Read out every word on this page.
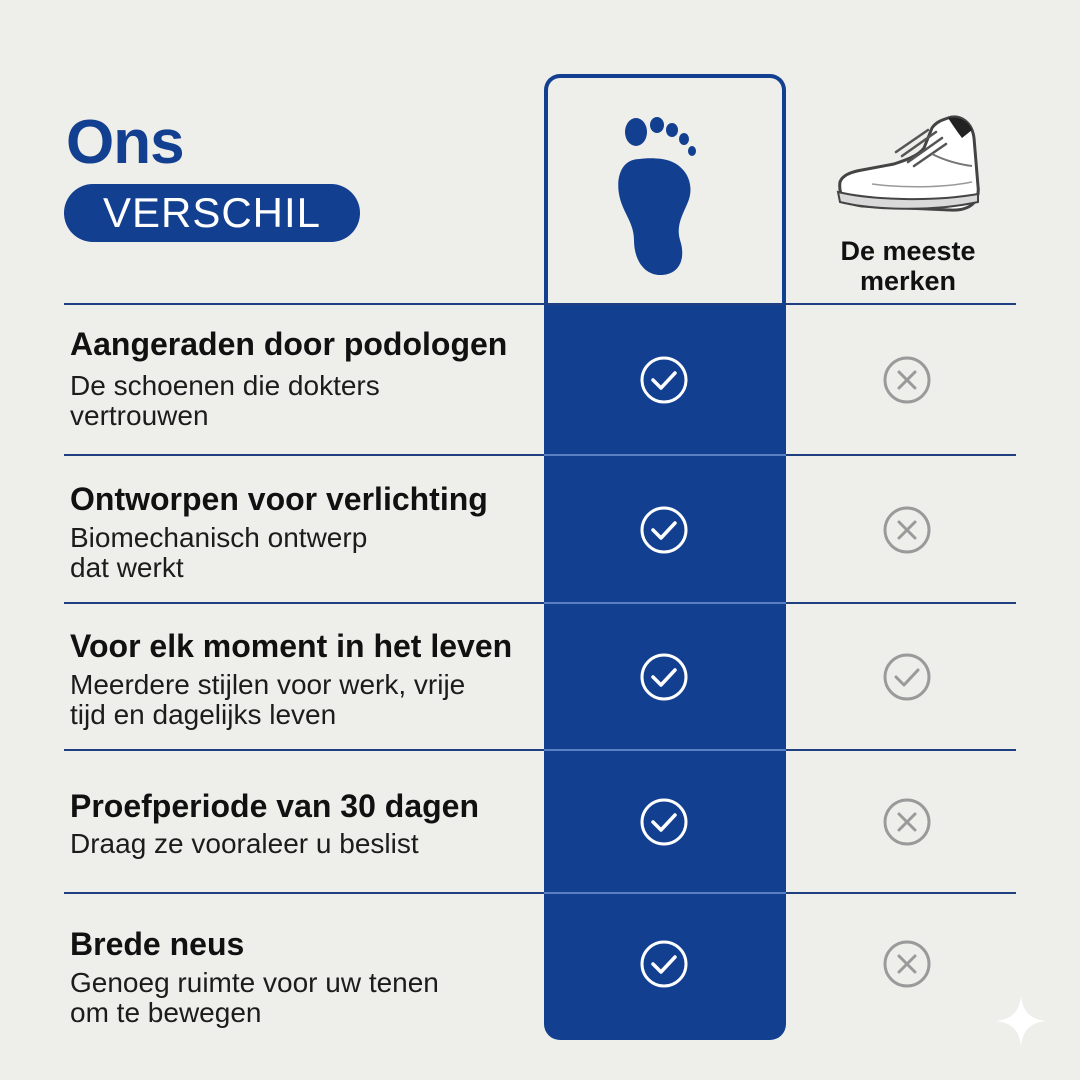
Ons
VERSCHIL
De meeste
merken
Aangeraden door podologen
De schoenen die dokters
vertrouwen
Ontworpen voor verlichting
Biomechanisch ontwerp
dat werkt
Voor elk moment in het leven
Meerdere stijlen voor werk, vrije
tijd en dagelijks leven
Proefperiode van 30 dagen
Draag ze vooraleer u beslist
Brede neus
Genoeg ruimte voor uw tenen
om te bewegen
